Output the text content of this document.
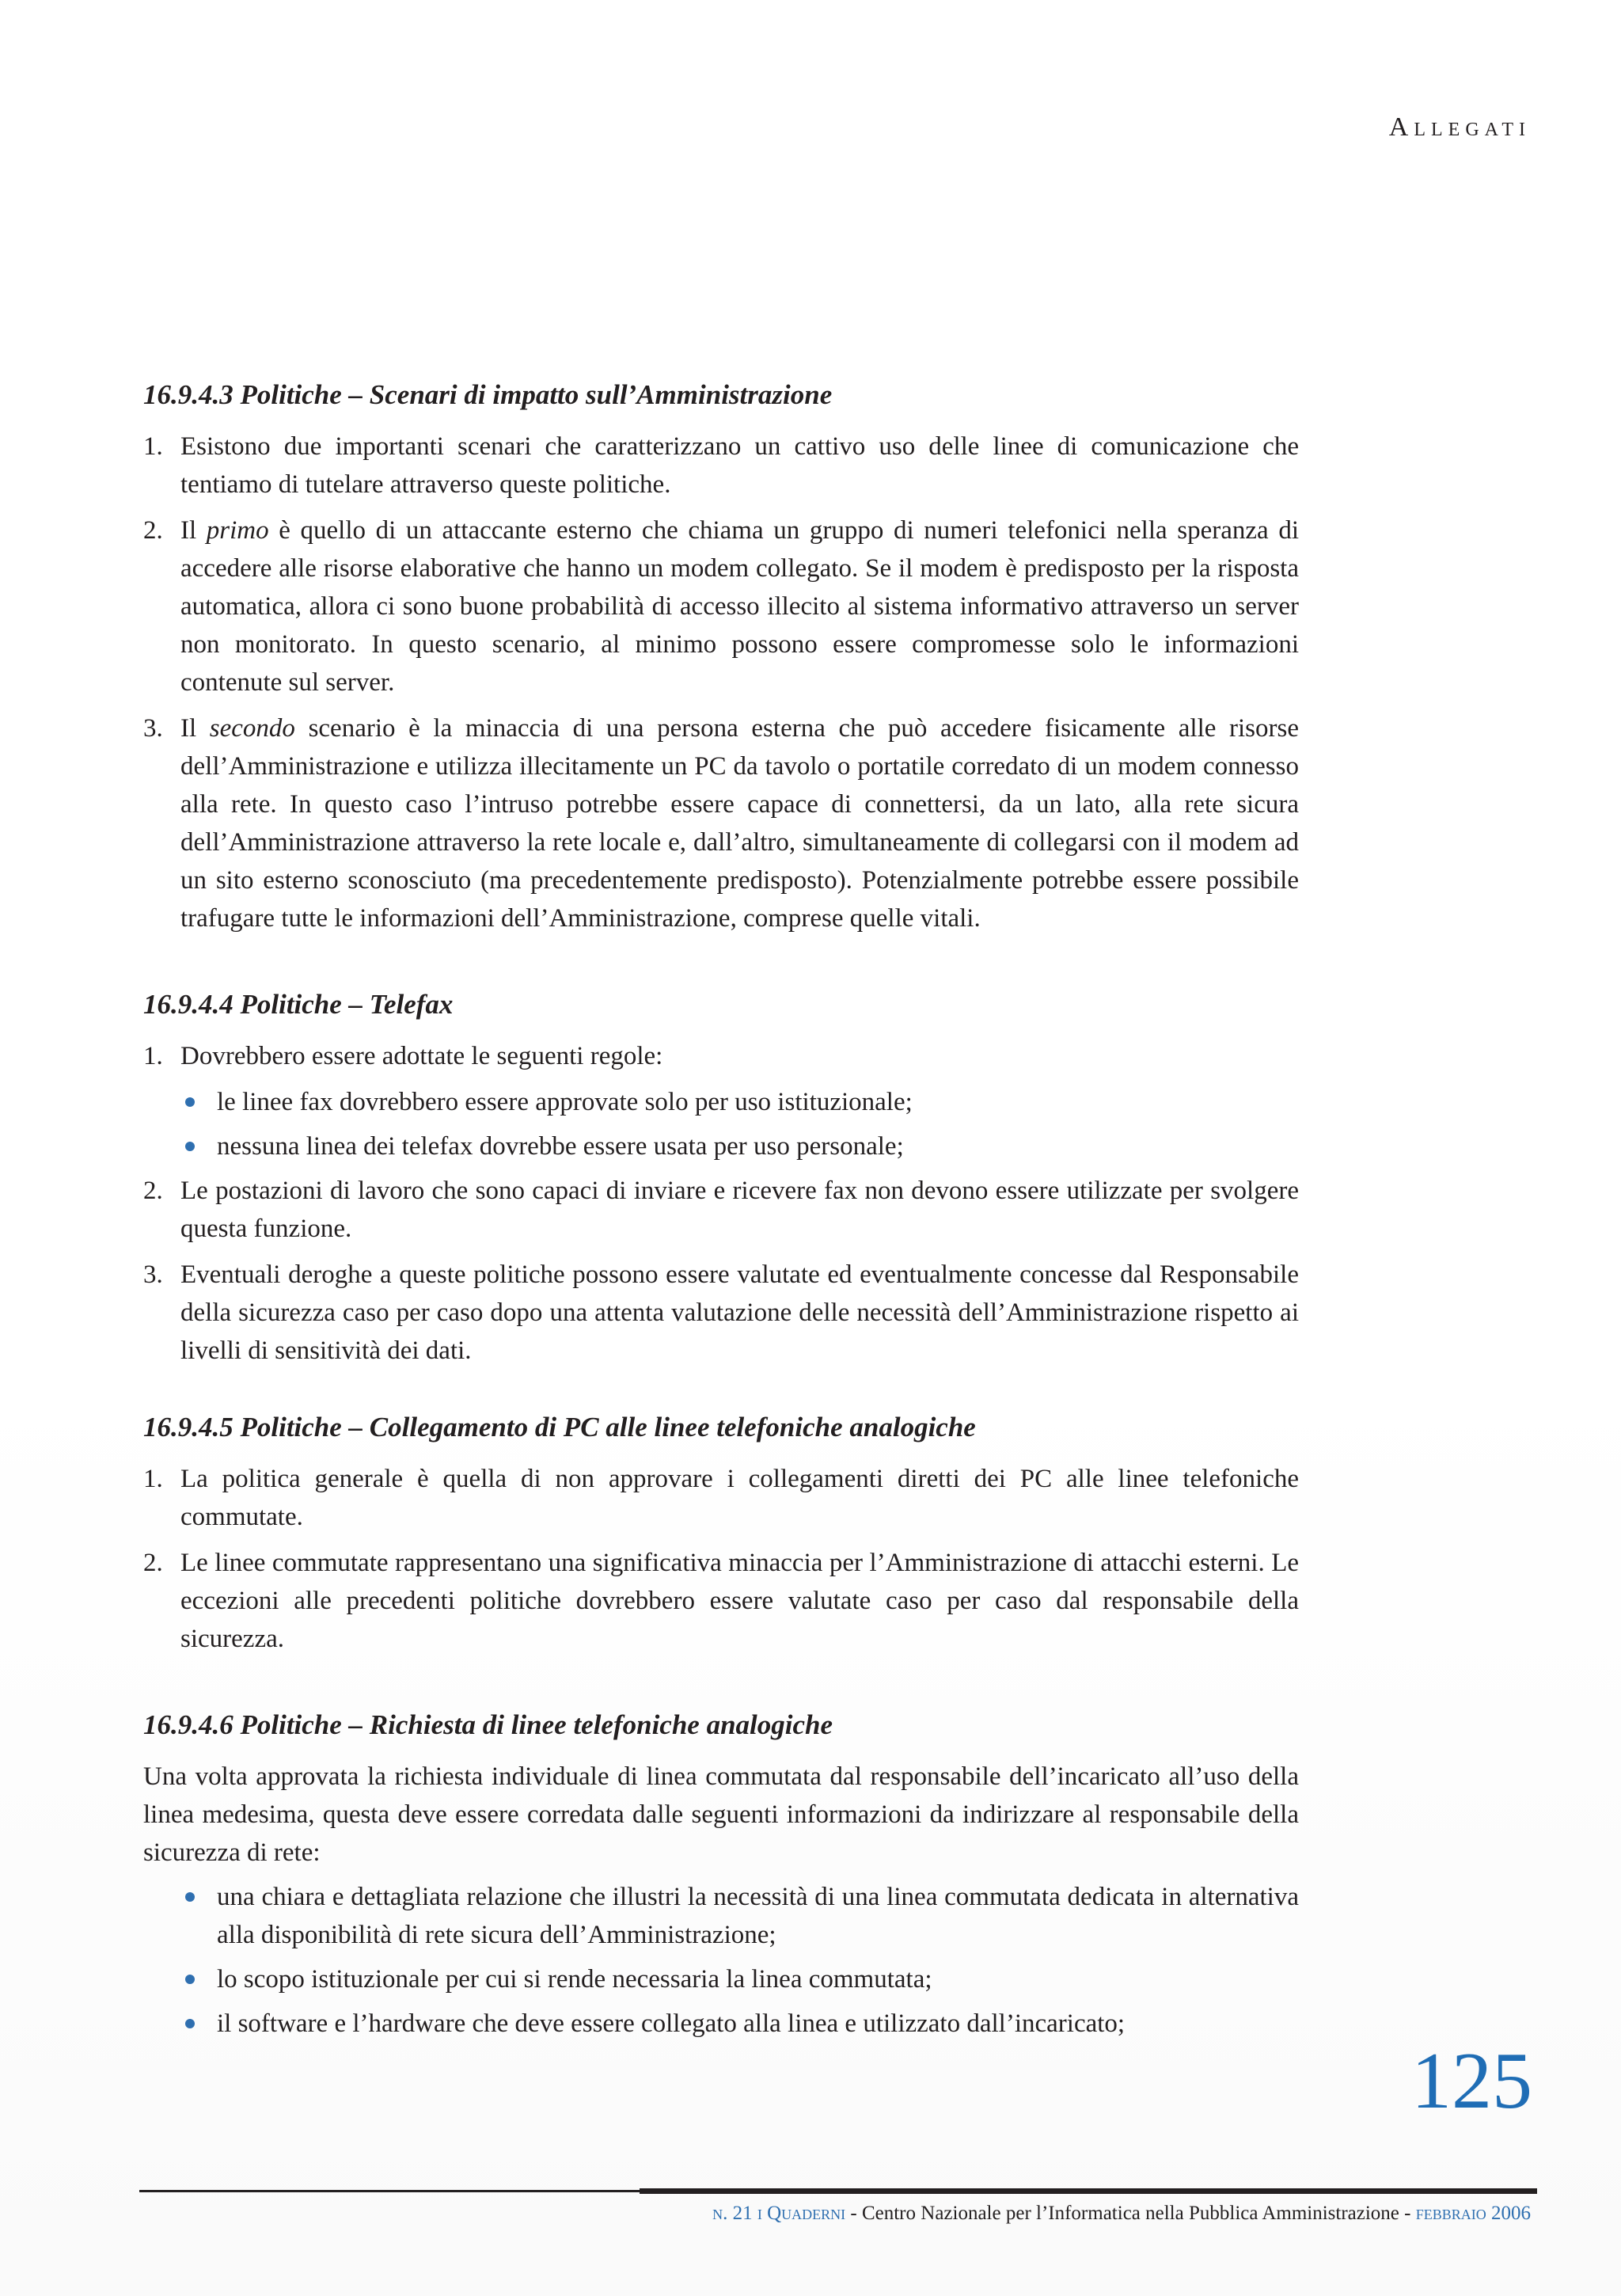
Allegati
16.9.4.3 Politiche – Scenari di impatto sull’Amministrazione
1. Esistono due importanti scenari che caratterizzano un cattivo uso delle linee di comunicazione che tentiamo di tutelare attraverso queste politiche.
2. Il primo è quello di un attaccante esterno che chiama un gruppo di numeri telefonici nella speranza di accedere alle risorse elaborative che hanno un modem collegato. Se il modem è predisposto per la risposta automatica, allora ci sono buone probabilità di accesso illecito al sistema informativo attraverso un server non monitorato. In questo scenario, al minimo possono essere compromesse solo le informazioni contenute sul server.
3. Il secondo scenario è la minaccia di una persona esterna che può accedere fisicamente alle risorse dell’Amministrazione e utilizza illecitamente un PC da tavolo o portatile corredato di un modem connesso alla rete. In questo caso l’intruso potrebbe essere capace di connettersi, da un lato, alla rete sicura dell’Amministrazione attraverso la rete locale e, dall’altro, simultaneamente di collegarsi con il modem ad un sito esterno sconosciuto (ma precedentemente predisposto). Potenzialmente potrebbe essere possibile trafugare tutte le informazioni dell’Amministrazione, comprese quelle vitali.
16.9.4.4 Politiche – Telefax
1. Dovrebbero essere adottate le seguenti regole:
le linee fax dovrebbero essere approvate solo per uso istituzionale;
nessuna linea dei telefax dovrebbe essere usata per uso personale;
2. Le postazioni di lavoro che sono capaci di inviare e ricevere fax non devono essere utilizzate per svolgere questa funzione.
3. Eventuali deroghe a queste politiche possono essere valutate ed eventualmente concesse dal Responsabile della sicurezza caso per caso dopo una attenta valutazione delle necessità dell’Amministrazione rispetto ai livelli di sensitività dei dati.
16.9.4.5 Politiche – Collegamento di PC alle linee telefoniche analogiche
1. La politica generale è quella di non approvare i collegamenti diretti dei PC alle linee telefoniche commutate.
2. Le linee commutate rappresentano una significativa minaccia per l’Amministrazione di attacchi esterni. Le eccezioni alle precedenti politiche dovrebbero essere valutate caso per caso dal responsabile della sicurezza.
16.9.4.6 Politiche – Richiesta di linee telefoniche analogiche

Una volta approvata la richiesta individuale di linea commutata dal responsabile dell’incaricato all’uso della linea medesima, questa deve essere corredata dalle seguenti informazioni da indirizzare al responsabile della sicurezza di rete:

una chiara e dettagliata relazione che illustri la necessità di una linea commutata dedicata in alternativa alla disponibilità di rete sicura dell’Amministrazione;
lo scopo istituzionale per cui si rende necessaria la linea commutata;
il software e l’hardware che deve essere collegato alla linea e utilizzato dall’incaricato;
125
n. 21 i Quaderni - Centro Nazionale per l’Informatica nella Pubblica Amministrazione - febbraio 2006
